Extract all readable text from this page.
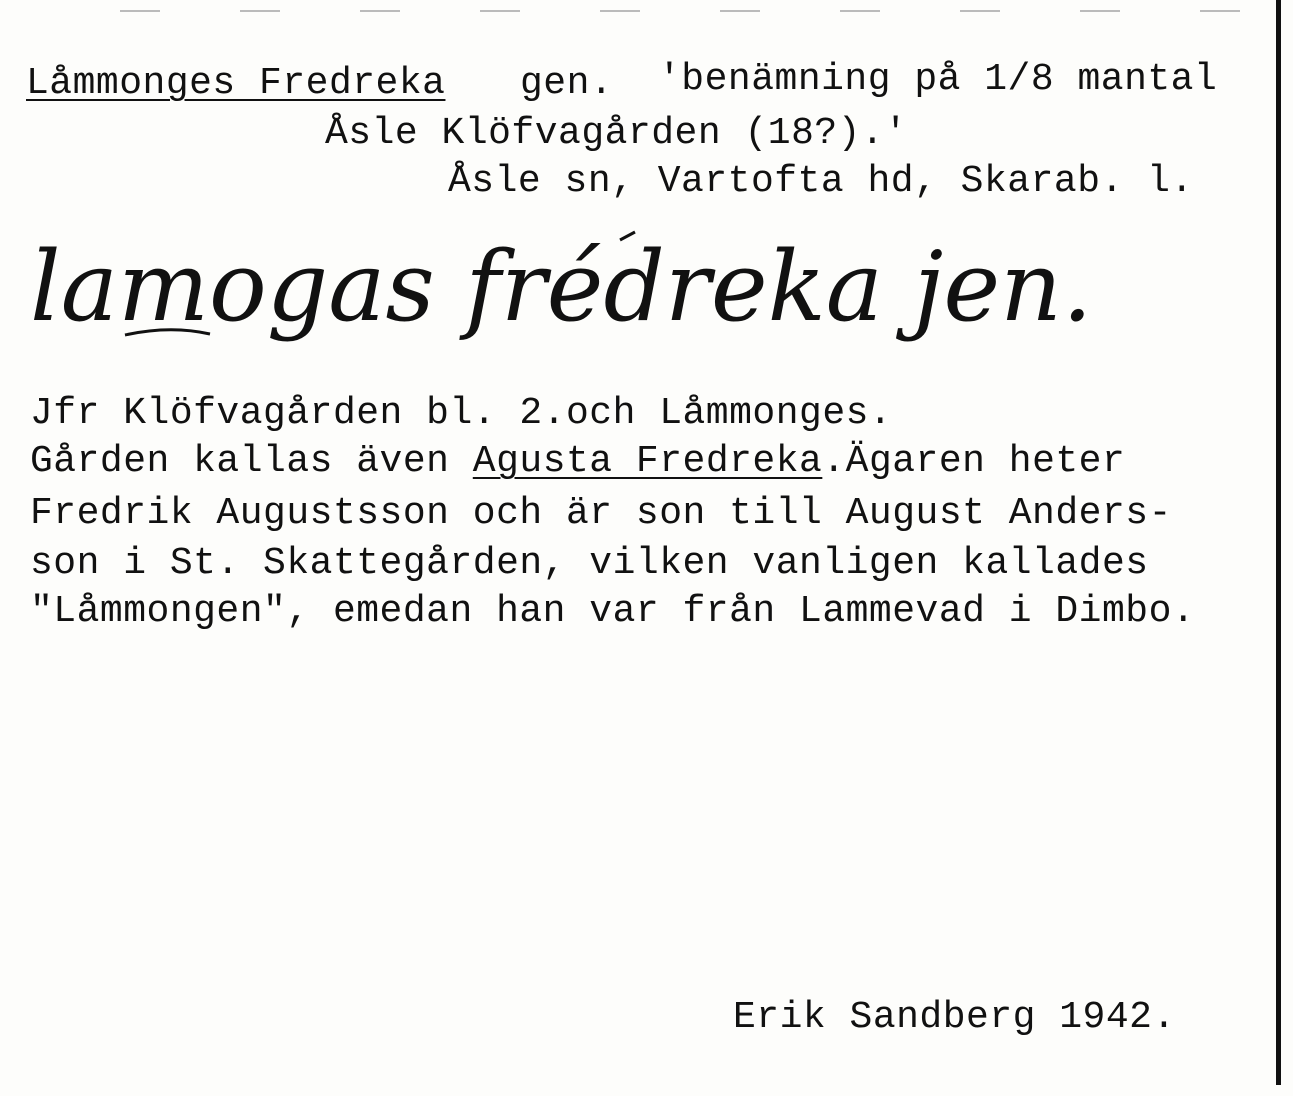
Låmmonges Fredreka gen. 'benämning på 1/8 mantal
Åsle Klöfvagården (18?).'
Åsle sn, Vartofta hd, Skarab. l.
lamogas frédreka jen.
Jfr Klöfvagården bl. 2.och Låmmonges.
Gården kallas även Agusta Fredreka.Ägaren heter
Fredrik Augustsson och är son till August Anders-
son i St. Skattegården, vilken vanligen kallades
"Låmmongen", emedan han var från Lammevad i Dimbo.
Erik Sandberg 1942.
